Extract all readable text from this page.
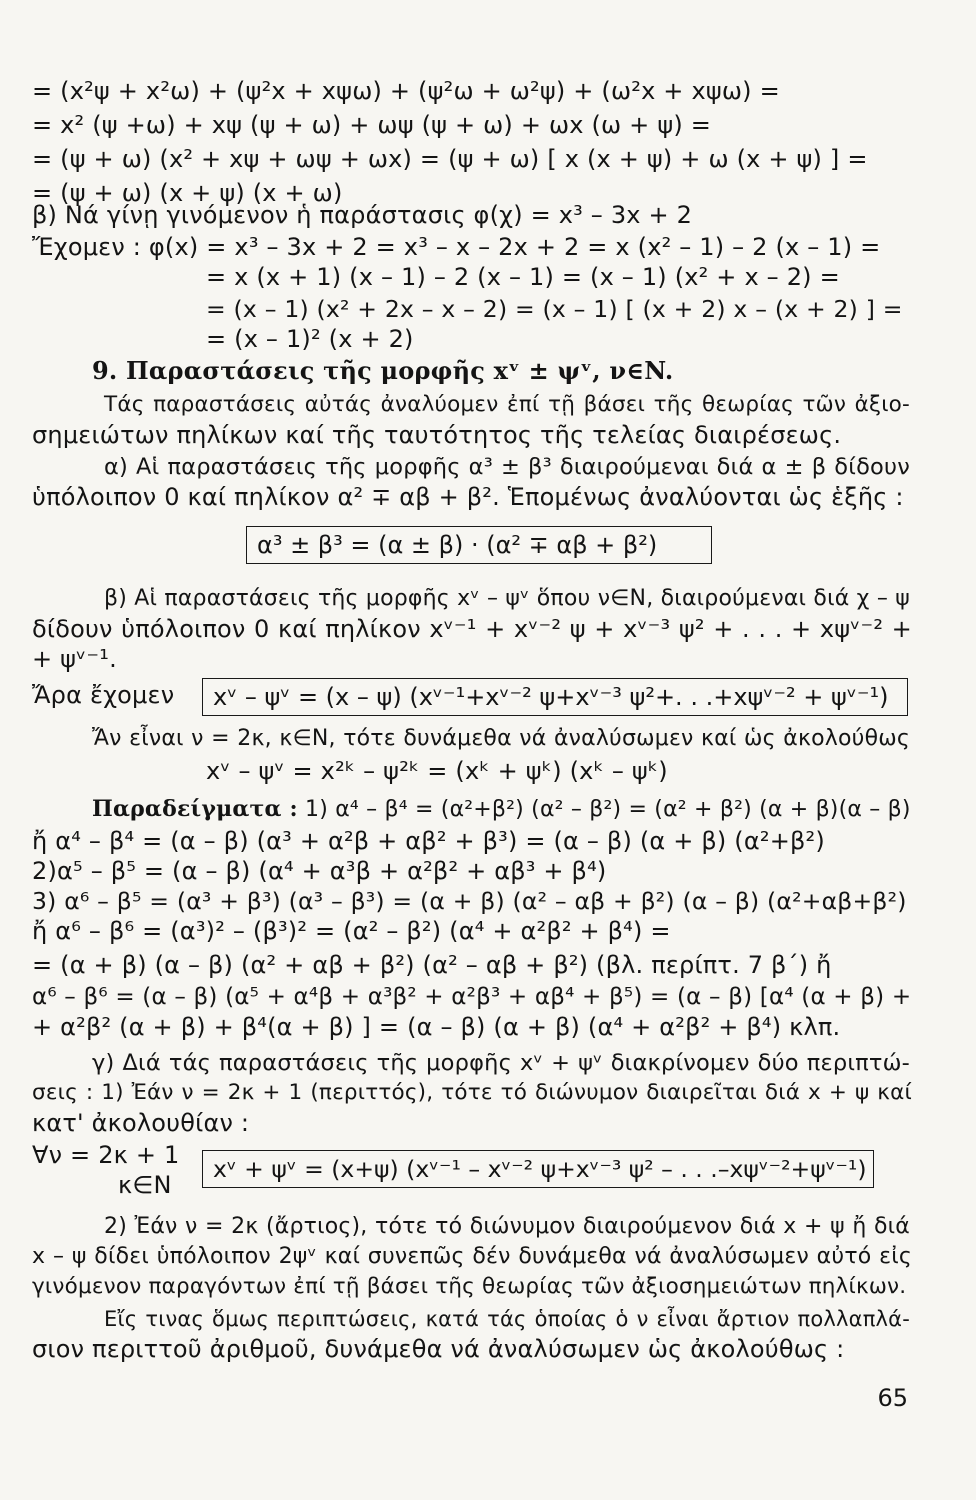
= (x²ψ + x²ω) + (ψ²x + xψω) + (ψ²ω + ω²ψ) + (ω²x + xψω) =
= x² (ψ +ω) + xψ (ψ + ω) + ωψ (ψ + ω) + ωx (ω + ψ) =
= (ψ + ω) (x² + xψ + ωψ + ωx) = (ψ + ω) [ x (x + ψ) + ω (x + ψ) ] =
= (ψ + ω) (x + ψ) (x + ω)
β) Νά γίνῃ γινόμενον ἡ παράστασις φ(χ) = x³ – 3x + 2
Ἔχομεν : φ(x) = x³ – 3x + 2 = x³ – x – 2x + 2 = x (x² – 1) – 2 (x – 1) =
= x (x + 1) (x – 1) – 2 (x – 1) = (x – 1) (x² + x – 2) =
= (x – 1) (x² + 2x – x – 2) = (x – 1) [ (x + 2) x – (x + 2) ] =
= (x – 1)² (x + 2)
9. Παραστάσεις τῆς μορφῆς xᵛ ± ψᵛ, ν∈N.
Τάς παραστάσεις αὐτάς ἀναλύομεν ἐπί τῇ βάσει τῆς θεωρίας τῶν ἀξιο-
σημειώτων πηλίκων καί τῆς ταυτότητος τῆς τελείας διαιρέσεως.
α) Αἱ παραστάσεις τῆς μορφῆς α³ ± β³ διαιρούμεναι διά α ± β δίδουν
ὑπόλοιπον 0 καί πηλίκον α² ∓ αβ + β². Ἑπομένως ἀναλύονται ὡς ἑξῆς :
α³ ± β³ = (α ± β) · (α² ∓ αβ + β²)
β) Αἱ παραστάσεις τῆς μορφῆς xᵛ – ψᵛ ὅπου ν∈N, διαιρούμεναι διά χ – ψ
δίδουν ὑπόλοιπον 0 καί πηλίκον xᵛ⁻¹ + xᵛ⁻² ψ + xᵛ⁻³ ψ² + . . . + xψᵛ⁻² +
+ ψᵛ⁻¹.
Ἄρα ἔχομεν	xᵛ – ψᵛ = (x – ψ) (xᵛ⁻¹+xᵛ⁻² ψ+xᵛ⁻³ ψ²+. . .+xψᵛ⁻² + ψᵛ⁻¹)
Ἄν εἶναι ν = 2κ, κ∈N, τότε δυνάμεθα νά ἀναλύσωμεν καί ὡς ἀκολούθως
xᵛ – ψᵛ = x²ᵏ – ψ²ᵏ = (xᵏ + ψᵏ) (xᵏ – ψᵏ)
Παραδείγματα : 1) α⁴ – β⁴ = (α²+β²) (α² – β²) = (α² + β²) (α + β)(α – β)
ἤ α⁴ – β⁴ = (α – β) (α³ + α²β + αβ² + β³) = (α – β) (α + β) (α²+β²)
2)α⁵ – β⁵ = (α – β) (α⁴ + α³β + α²β² + αβ³ + β⁴)
3) α⁶ – β⁵ = (α³ + β³) (α³ – β³) = (α + β) (α² – αβ + β²) (α – β) (α²+αβ+β²)
ἤ α⁶ – β⁶ = (α³)² – (β³)² = (α² – β²) (α⁴ + α²β² + β⁴) =
= (α + β) (α – β) (α² + αβ + β²) (α² – αβ + β²) (βλ. περίπτ. 7 β΄) ἤ
α⁶ – β⁶ = (α – β) (α⁵ + α⁴β + α³β² + α²β³ + αβ⁴ + β⁵) = (α – β) [α⁴ (α + β) +
+ α²β² (α + β) + β⁴(α + β) ] = (α – β) (α + β) (α⁴ + α²β² + β⁴) κλπ.
γ) Διά τάς παραστάσεις τῆς μορφῆς xᵛ + ψᵛ διακρίνομεν δύο περιπτώ-
σεις : 1) Ἐάν ν = 2κ + 1 (περιττός), τότε τό διώνυμον διαιρεῖται διά x + ψ καί
κατ' ἀκολουθίαν :
∀ν = 2κ + 1
κ∈N
xᵛ + ψᵛ = (x+ψ) (xᵛ⁻¹ – xᵛ⁻² ψ+xᵛ⁻³ ψ² – . . .–xψᵛ⁻²+ψᵛ⁻¹)
2) Ἐάν ν = 2κ (ἄρτιος), τότε τό διώνυμον διαιρούμενον διά x + ψ ἤ διά
x – ψ δίδει ὑπόλοιπον 2ψᵛ καί συνεπῶς δέν δυνάμεθα νά ἀναλύσωμεν αὐτό εἰς
γινόμενον παραγόντων ἐπί τῇ βάσει τῆς θεωρίας τῶν ἀξιοσημειώτων πηλίκων.
Εἴς τινας ὅμως περιπτώσεις, κατά τάς ὁποίας ὁ ν εἶναι ἄρτιον πολλαπλά-
σιον περιττοῦ ἀριθμοῦ, δυνάμεθα νά ἀναλύσωμεν ὡς ἀκολούθως :
65
